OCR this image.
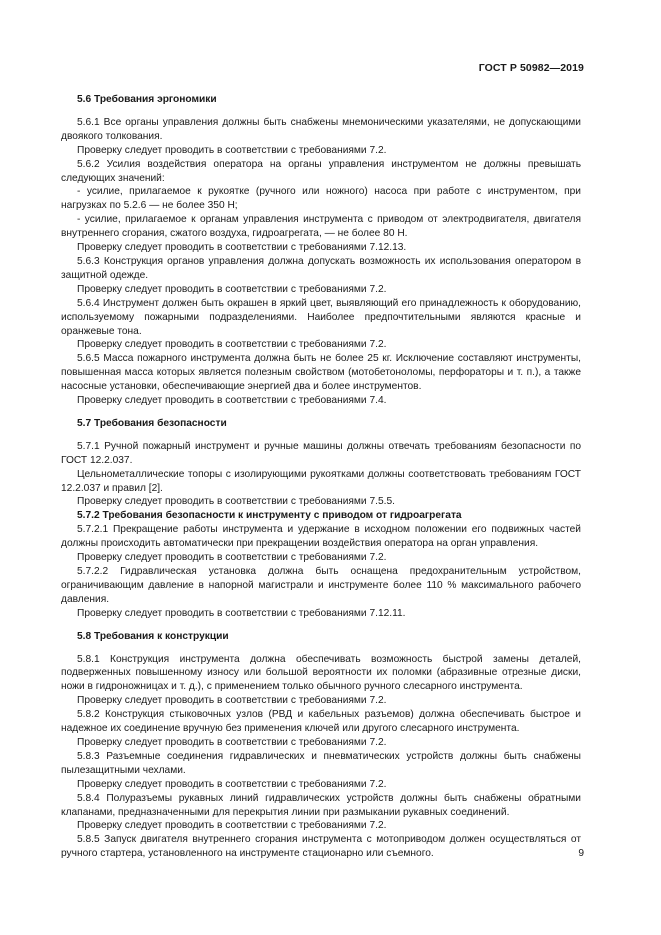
ГОСТ Р 50982—2019
5.6 Требования эргономики

5.6.1 Все органы управления должны быть снабжены мнемоническими указателями, не допускающими двоякого толкования.

Проверку следует проводить в соответствии с требованиями 7.2.

5.6.2 Усилия воздействия оператора на органы управления инструментом не должны превышать следующих значений:

- усилие, прилагаемое к рукоятке (ручного или ножного) насоса при работе с инструментом, при нагрузках по 5.2.6 — не более 350 Н;

- усилие, прилагаемое к органам управления инструмента с приводом от электродвигателя, двигателя внутреннего сгорания, сжатого воздуха, гидроагрегата, — не более 80 Н.

Проверку следует проводить в соответствии с требованиями 7.12.13.

5.6.3 Конструкция органов управления должна допускать возможность их использования оператором в защитной одежде.

Проверку следует проводить в соответствии с требованиями 7.2.

5.6.4 Инструмент должен быть окрашен в яркий цвет, выявляющий его принадлежность к оборудованию, используемому пожарными подразделениями. Наиболее предпочтительными являются красные и оранжевые тона.

Проверку следует проводить в соответствии с требованиями 7.2.

5.6.5 Масса пожарного инструмента должна быть не более 25 кг. Исключение составляют инструменты, повышенная масса которых является полезным свойством (мотобетоноломы, перфораторы и т. п.), а также насосные установки, обеспечивающие энергией два и более инструментов.

Проверку следует проводить в соответствии с требованиями 7.4.

5.7 Требования безопасности

5.7.1 Ручной пожарный инструмент и ручные машины должны отвечать требованиям безопасности по ГОСТ 12.2.037.

Цельнометаллические топоры с изолирующими рукоятками должны соответствовать требованиям ГОСТ 12.2.037 и правил [2].

Проверку следует проводить в соответствии с требованиями 7.5.5.

5.7.2 Требования безопасности к инструменту с приводом от гидроагрегата

5.7.2.1 Прекращение работы инструмента и удержание в исходном положении его подвижных частей должны происходить автоматически при прекращении воздействия оператора на орган управления.

Проверку следует проводить в соответствии с требованиями 7.2.

5.7.2.2 Гидравлическая установка должна быть оснащена предохранительным устройством, ограничивающим давление в напорной магистрали и инструменте более 110 % максимального рабочего давления.

Проверку следует проводить в соответствии с требованиями 7.12.11.

5.8 Требования к конструкции

5.8.1 Конструкция инструмента должна обеспечивать возможность быстрой замены деталей, подверженных повышенному износу или большой вероятности их поломки (абразивные отрезные диски, ножи в гидроножницах и т. д.), с применением только обычного ручного слесарного инструмента.

Проверку следует проводить в соответствии с требованиями 7.2.

5.8.2 Конструкция стыковочных узлов (РВД и кабельных разъемов) должна обеспечивать быстрое и надежное их соединение вручную без применения ключей или другого слесарного инструмента.

Проверку следует проводить в соответствии с требованиями 7.2.

5.8.3 Разъемные соединения гидравлических и пневматических устройств должны быть снабжены пылезащитными чехлами.

Проверку следует проводить в соответствии с требованиями 7.2.

5.8.4 Полуразъемы рукавных линий гидравлических устройств должны быть снабжены обратными клапанами, предназначенными для перекрытия линии при размыкании рукавных соединений.

Проверку следует проводить в соответствии с требованиями 7.2.

5.8.5 Запуск двигателя внутреннего сгорания инструмента с мотоприводом должен осуществляться от ручного стартера, установленного на инструменте стационарно или съемного.	9
